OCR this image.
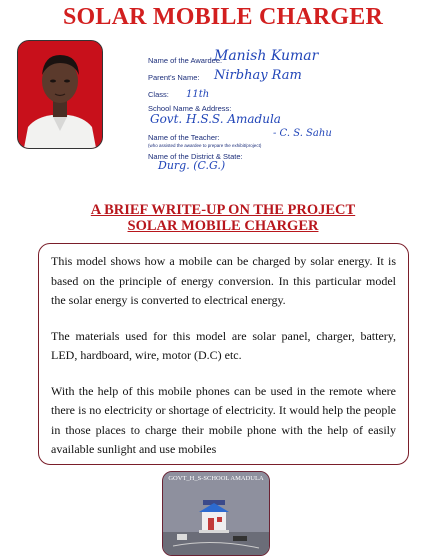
SOLAR MOBILE CHARGER
Name of the Awardee:
Manish Kumar
Parent's Name: Nirbhay Ram
Class: 11th
School Name & Address:
Govt. H.S.S. Amadula
Name of the Teacher:
(who assisted the awardee to prepare the exhibit/project)
- C. S. Sahu
Name of the District & State:
Durg. (C.G.)
A BRIEF WRITE-UP ON THE PROJECT
SOLAR MOBILE CHARGER

This model shows how a mobile can be charged by solar energy. It is based on the principle of energy conversion. In this particular model the solar energy is converted to electrical energy.

The materials used for this model are solar panel, charger, battery, LED, hardboard, wire, motor (D.C) etc.

With the help of this mobile phones can be used in the remote where there is no electricity or shortage of electricity. It would help the people in those places to charge their mobile phone with the help of easily available sunlight and use mobiles

GOVT_H_S-SCHOOL AMADULA
